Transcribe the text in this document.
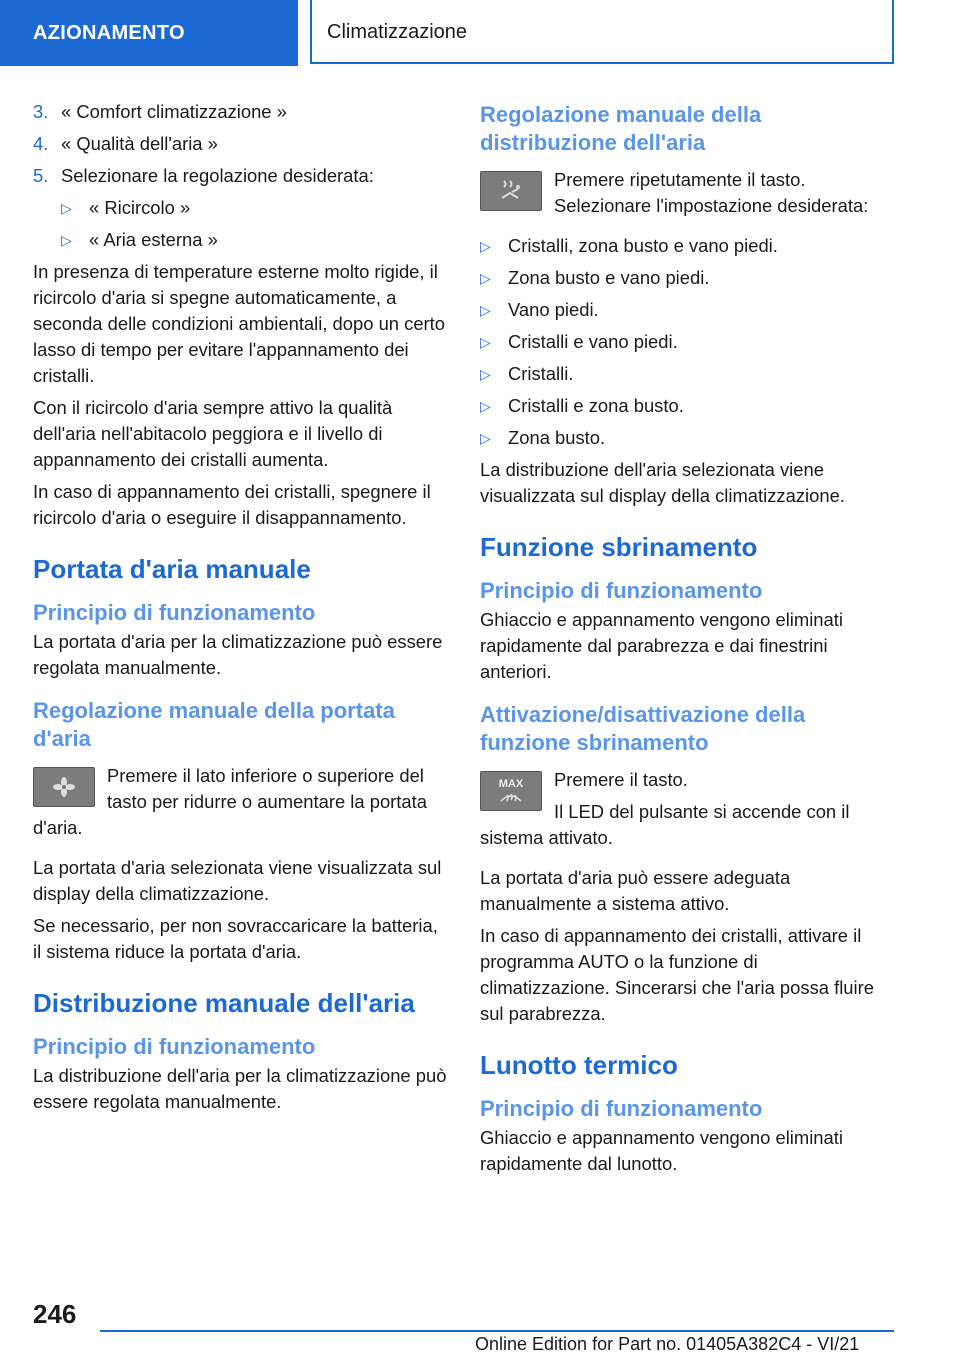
AZIONAMENTO	Climatizzazione
3. « Comfort climatizzazione »
4. « Qualità dell'aria »
5. Selezionare la regolazione desiderata:
▷ « Ricircolo »
▷ « Aria esterna »

In presenza di temperature esterne molto rigide, il ricircolo d'aria si spegne automaticamente, a seconda delle condizioni ambientali, dopo un certo lasso di tempo per evitare l'appannamento dei cristalli.

Con il ricircolo d'aria sempre attivo la qualità dell'aria nell'abitacolo peggiora e il livello di appannamento dei cristalli aumenta.

In caso di appannamento dei cristalli, spegnere il ricircolo d'aria o eseguire il disappannamento.

Portata d'aria manuale
Principio di funzionamento

La portata d'aria per la climatizzazione può essere regolata manualmente.

Regolazione manuale della portata d'aria

Premere il lato inferiore o superiore del tasto per ridurre o aumentare la portata d'aria.

La portata d'aria selezionata viene visualizzata sul display della climatizzazione.

Se necessario, per non sovraccaricare la batteria, il sistema riduce la portata d'aria.

Distribuzione manuale dell'aria
Principio di funzionamento

La distribuzione dell'aria per la climatizzazione può essere regolata manualmente.

Regolazione manuale della distribuzione dell'aria

Premere ripetutamente il tasto. Selezionare l'impostazione desiderata:

▷ Cristalli, zona busto e vano piedi.
▷ Zona busto e vano piedi.
▷ Vano piedi.
▷ Cristalli e vano piedi.
▷ Cristalli.
▷ Cristalli e zona busto.
▷ Zona busto.

La distribuzione dell'aria selezionata viene visualizzata sul display della climatizzazione.

Funzione sbrinamento
Principio di funzionamento

Ghiaccio e appannamento vengono eliminati rapidamente dal parabrezza e dai finestrini anteriori.

Attivazione/disattivazione della funzione sbrinamento
MAX	Premere il tasto.

Il LED del pulsante si accende con il sistema attivato.

La portata d'aria può essere adeguata manualmente a sistema attivo.

In caso di appannamento dei cristalli, attivare il programma AUTO o la funzione di climatizzazione. Sincerarsi che l'aria possa fluire sul parabrezza.

Lunotto termico
Principio di funzionamento

Ghiaccio e appannamento vengono eliminati rapidamente dal lunotto.

246
Online Edition for Part no. 01405A382C4 - VI/21
